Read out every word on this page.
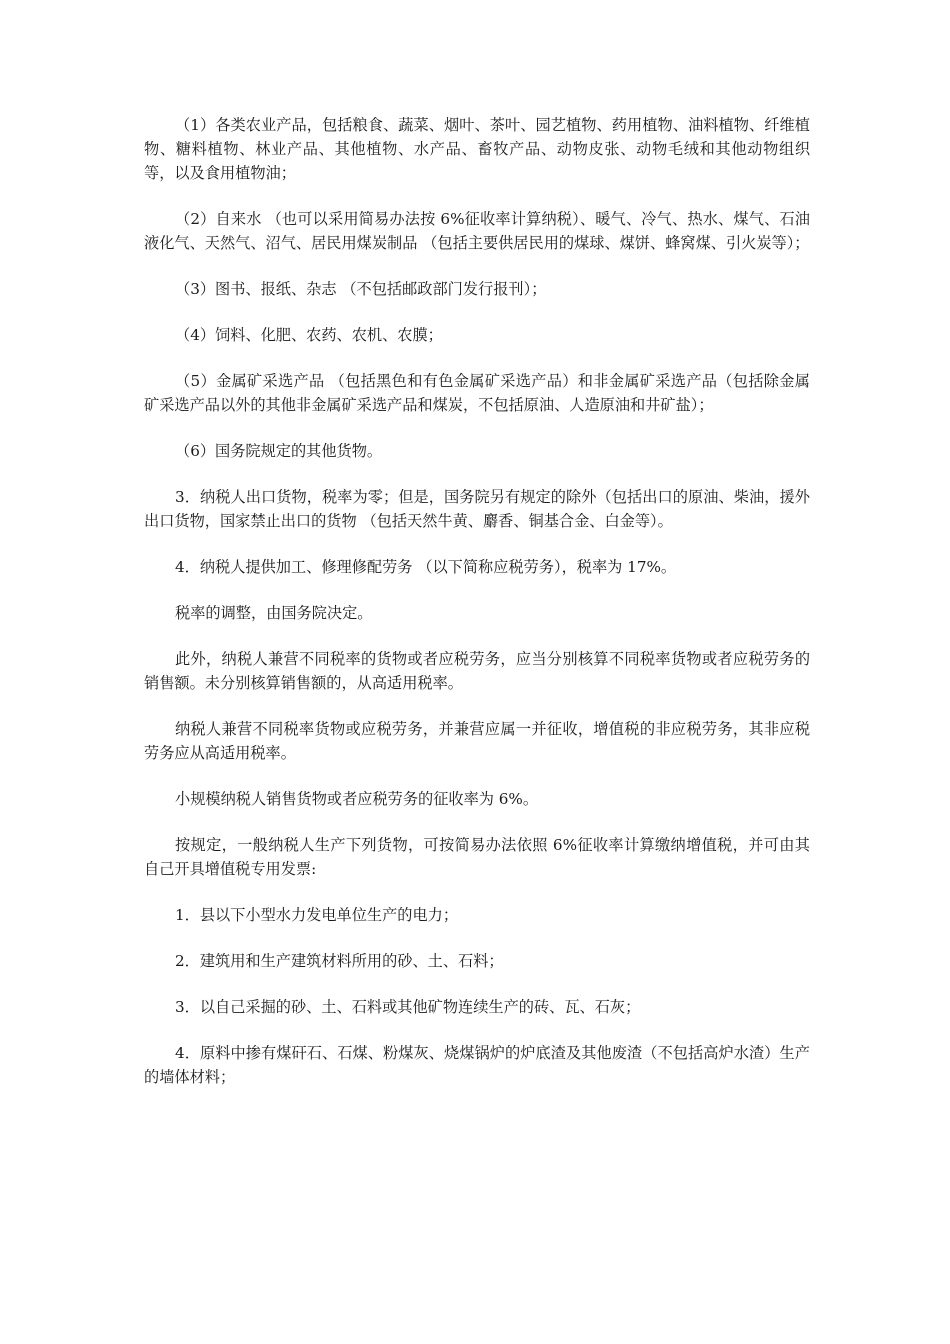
（1）各类农业产品，包括粮食、蔬菜、烟叶、茶叶、园艺植物、药用植物、油料植物、纤维植物、糖料植物、林业产品、其他植物、水产品、畜牧产品、动物皮张、动物毛绒和其他动物组织等，以及食用植物油；

（2）自来水 （也可以采用简易办法按 6%征收率计算纳税）、暖气、冷气、热水、煤气、石油液化气、天然气、沼气、居民用煤炭制品 （包括主要供居民用的煤球、煤饼、蜂窝煤、引火炭等）；

（3）图书、报纸、杂志 （不包括邮政部门发行报刊）；

（4）饲料、化肥、农药、农机、农膜；

（5）金属矿采选产品 （包括黑色和有色金属矿采选产品）和非金属矿采选产品（包括除金属矿采选产品以外的其他非金属矿采选产品和煤炭，不包括原油、人造原油和井矿盐）；

（6）国务院规定的其他货物。

3．纳税人出口货物，税率为零；但是，国务院另有规定的除外（包括出口的原油、柴油，援外出口货物，国家禁止出口的货物 （包括天然牛黄、麝香、铜基合金、白金等）。

4．纳税人提供加工、修理修配劳务 （以下简称应税劳务），税率为 17%。

税率的调整，由国务院决定。

此外，纳税人兼营不同税率的货物或者应税劳务，应当分别核算不同税率货物或者应税劳务的销售额。未分别核算销售额的，从高适用税率。

纳税人兼营不同税率货物或应税劳务，并兼营应属一并征收，增值税的非应税劳务，其非应税劳务应从高适用税率。

小规模纳税人销售货物或者应税劳务的征收率为 6%。

按规定，一般纳税人生产下列货物，可按简易办法依照 6%征收率计算缴纳增值税，并可由其自己开具增值税专用发票:

1．县以下小型水力发电单位生产的电力；

2．建筑用和生产建筑材料所用的砂、土、石料；

3．以自己采掘的砂、土、石料或其他矿物连续生产的砖、瓦、石灰；

4．原料中掺有煤矸石、石煤、粉煤灰、烧煤锅炉的炉底渣及其他废渣（不包括高炉水渣）生产的墙体材料；
